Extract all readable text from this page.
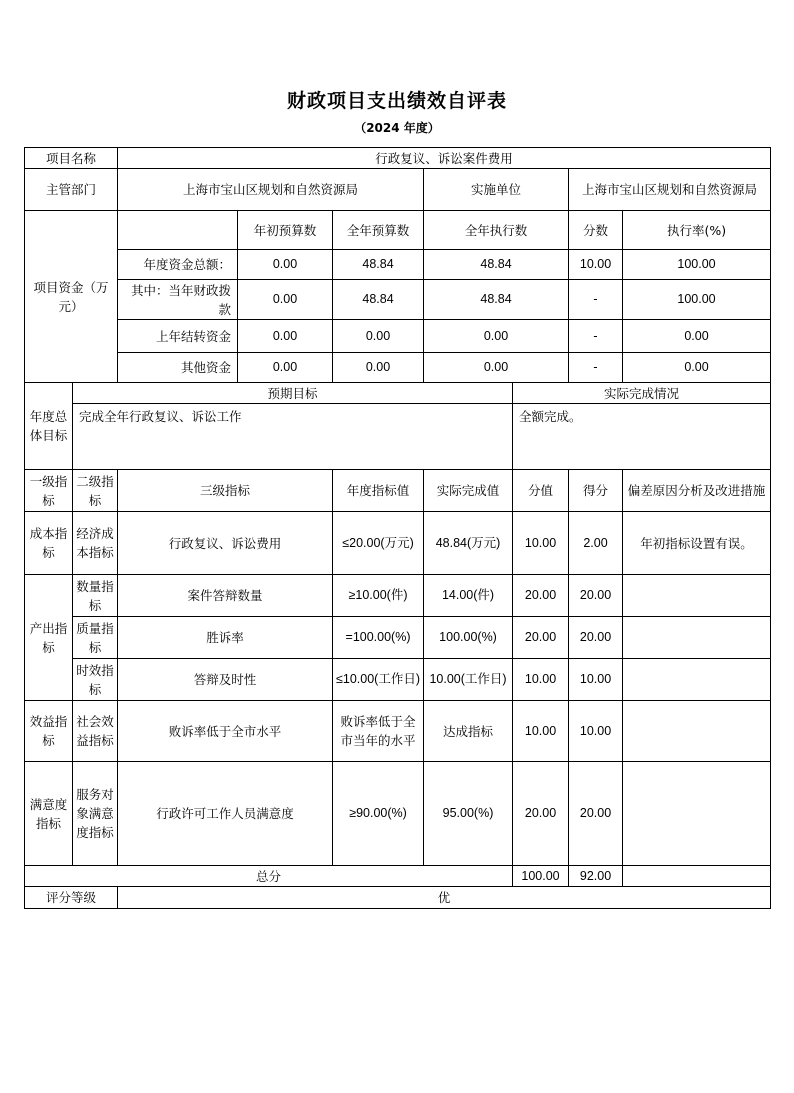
财政项目支出绩效自评表
（2024 年度）
项目名称		行政复议、诉讼案件费用							
主管部门		上海市宝山区规划和自然资源局			实施单位		上海市宝山区规划和自然资源局		
项目资金（万元）			年初预算数	全年预算数	全年执行数		分数	执行率(%)	
		年度资金总额：	0.00	48.84	48.84		10.00	100.00	
		其中：当年财政拨款	0.00	48.84	48.84		-	100.00	
		上年结转资金	0.00	0.00	0.00		-	0.00	
		其他资金	0.00	0.00	0.00		-	0.00	
年度总体目标	预期目标					实际完成情况			
	完成全年行政复议、诉讼工作					全额完成。			
一级指标	二级指标	三级指标		年度指标值	实际完成值	分值	得分	偏差原因分析及改进措施	
成本指标	经济成本指标	行政复议、诉讼费用		≤20.00(万元)	48.84(万元)	10.00	2.00	年初指标设置有误。	
产出指标	数量指标	案件答辩数量		≥10.00(件)	14.00(件)	20.00	20.00		
	质量指标	胜诉率		=100.00(%)	100.00(%)	20.00	20.00		
	时效指标	答辩及时性		≤10.00(工作日)	10.00(工作日)	10.00	10.00		
效益指标	社会效益指标	败诉率低于全市水平		败诉率低于全市当年的水平	达成指标	10.00	10.00		
满意度指标	服务对象满意度指标	行政许可工作人员满意度		≥90.00(%)	95.00(%)	20.00	20.00		
总分						100.00	92.00		
评分等级		优							
